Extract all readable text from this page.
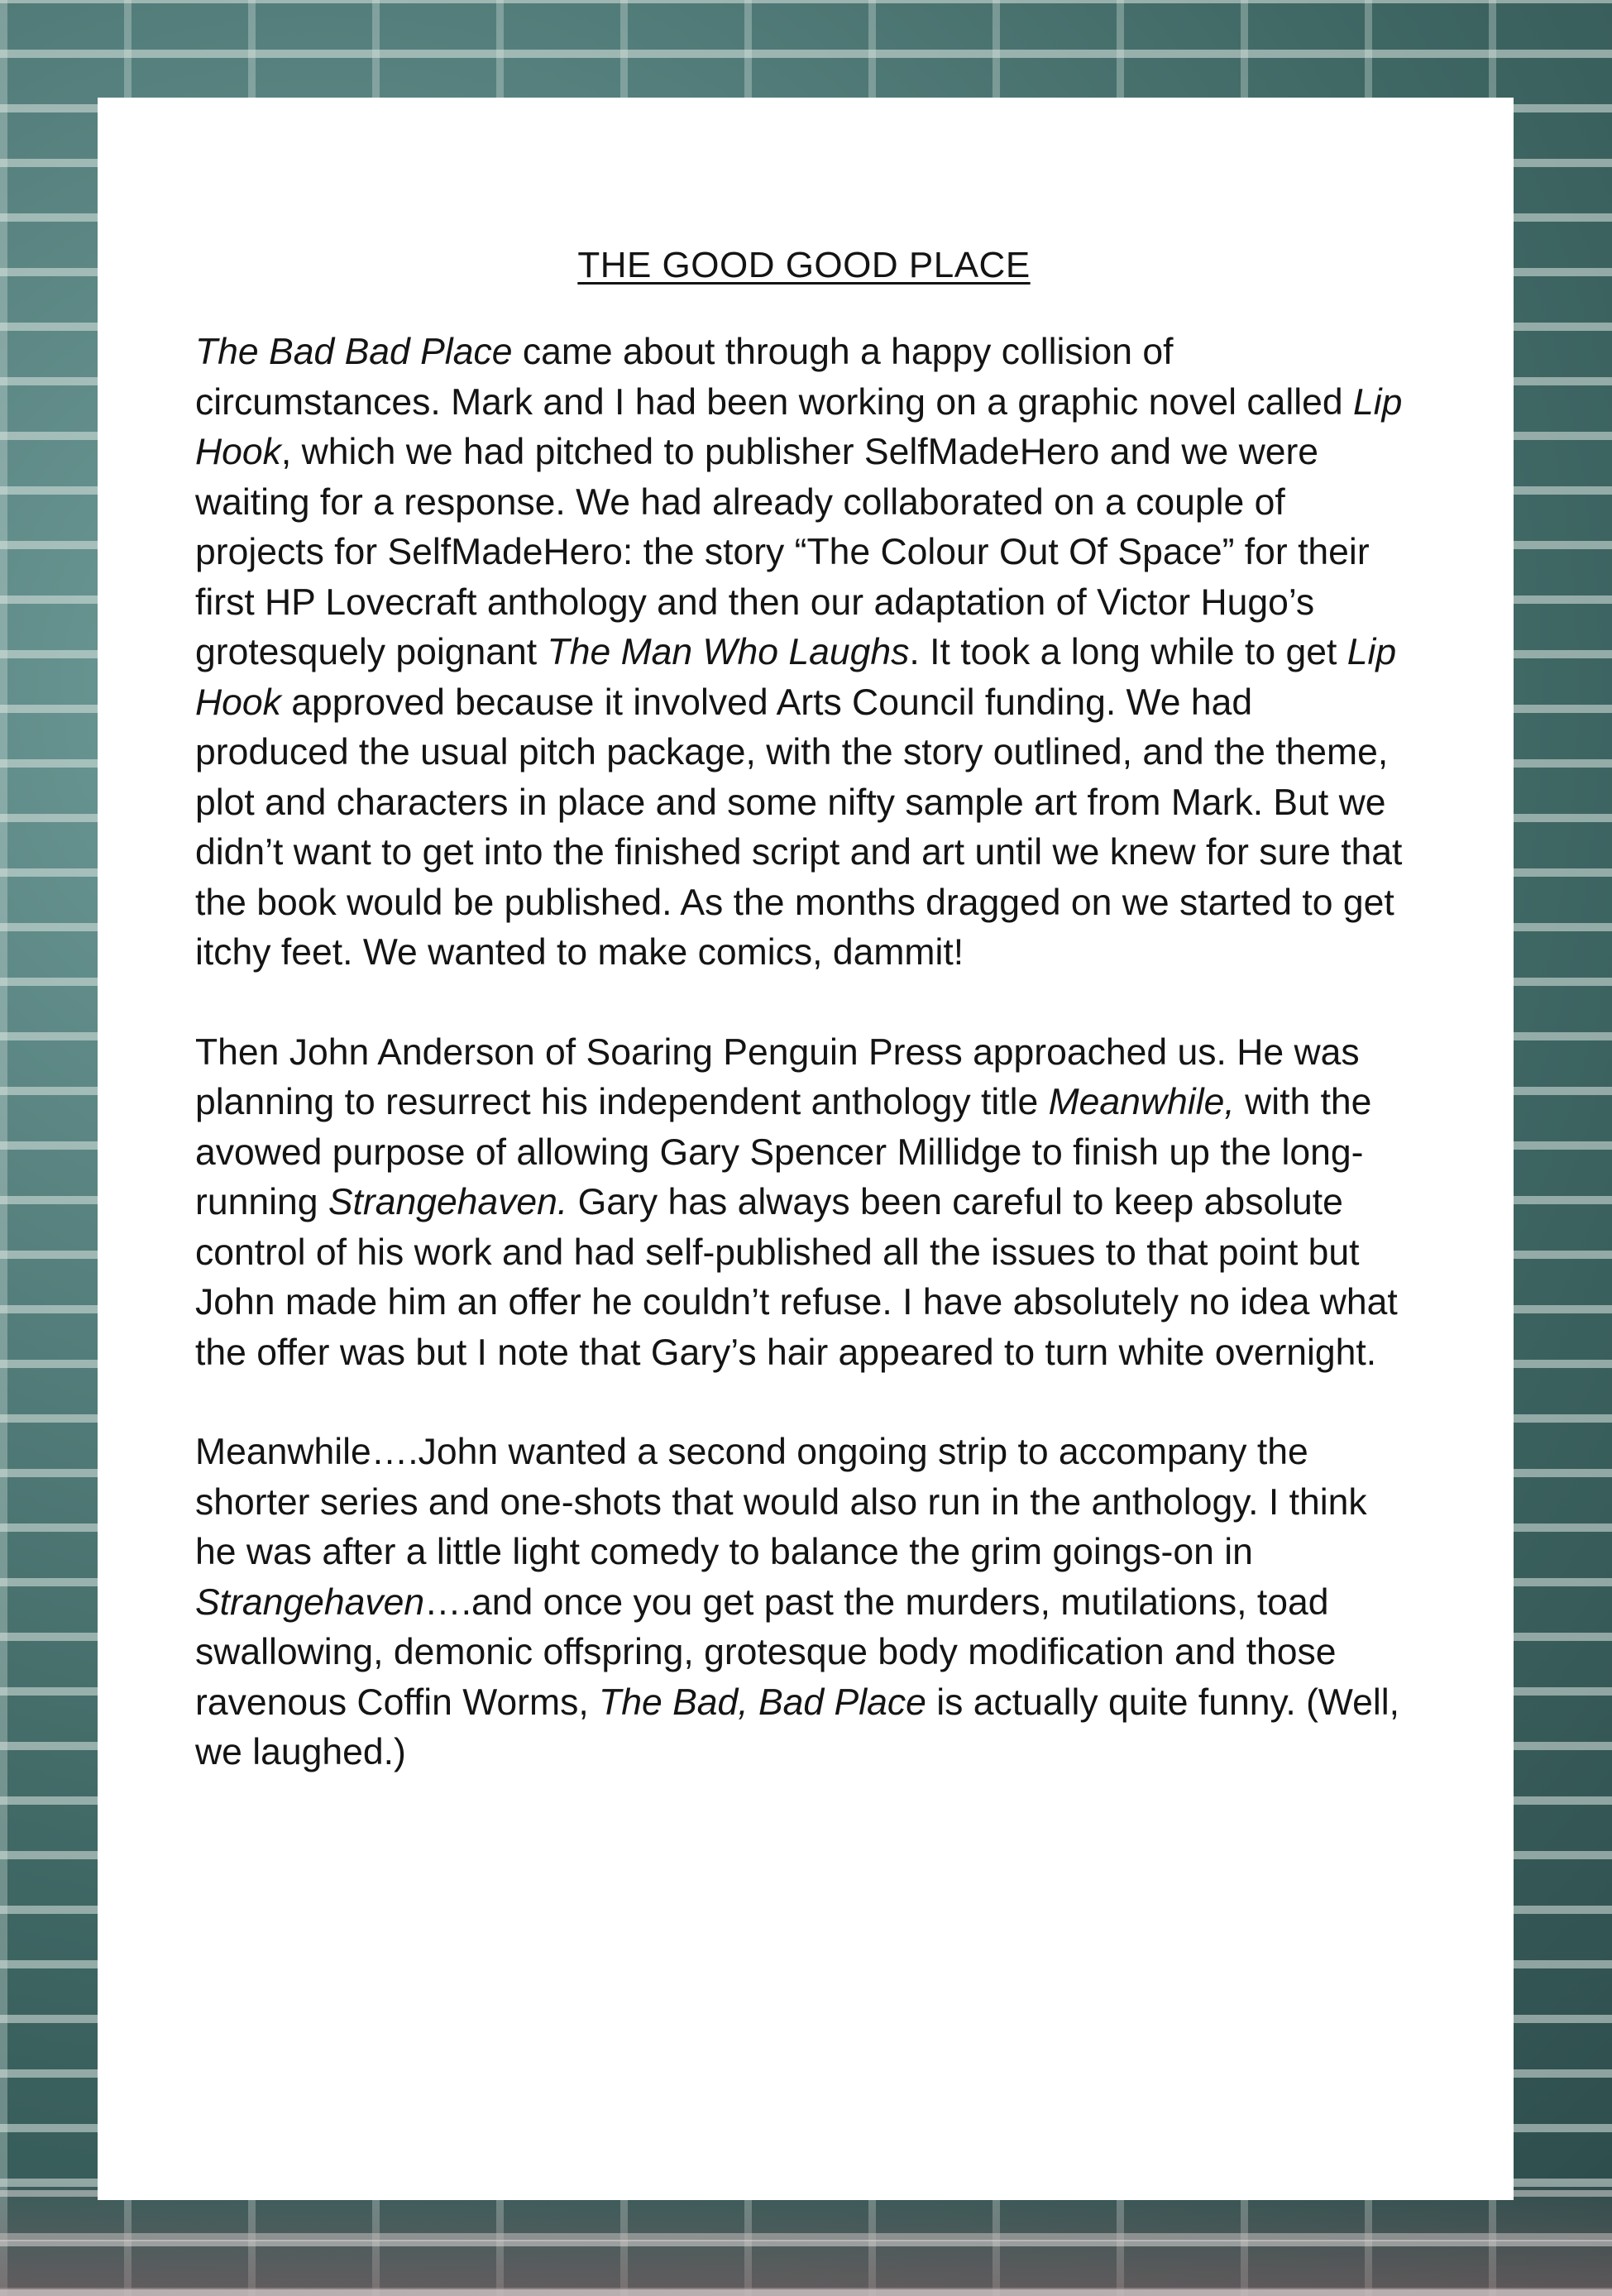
THE GOOD GOOD PLACE

The Bad Bad Place came about through a happy collision of circumstances. Mark and I had been working on a graphic novel called Lip Hook, which we had pitched to publisher SelfMadeHero and we were waiting for a response. We had already collaborated on a couple of projects for SelfMadeHero: the story “The Colour Out Of Space” for their first HP Lovecraft anthology and then our adaptation of Victor Hugo’s grotesquely poignant The Man Who Laughs. It took a long while to get Lip Hook approved because it involved Arts Council funding. We had produced the usual pitch package, with the story outlined, and the theme, plot and characters in place and some nifty sample art from Mark. But we didn’t want to get into the finished script and art until we knew for sure that the book would be published. As the months dragged on we started to get itchy feet. We wanted to make comics, dammit!

Then John Anderson of Soaring Penguin Press approached us. He was planning to resurrect his independent anthology title Meanwhile, with the avowed purpose of allowing Gary Spencer Millidge to finish up the long-running Strangehaven. Gary has always been careful to keep absolute control of his work and had self-published all the issues to that point but John made him an offer he couldn’t refuse. I have absolutely no idea what the offer was but I note that Gary’s hair appeared to turn white overnight.

Meanwhile….John wanted a second ongoing strip to accompany the shorter series and one-shots that would also run in the anthology. I think he was after a little light comedy to balance the grim goings-on in Strangehaven….and once you get past the murders, mutilations, toad swallowing, demonic offspring, grotesque body modification and those ravenous Coffin Worms, The Bad, Bad Place is actually quite funny. (Well, we laughed.)
